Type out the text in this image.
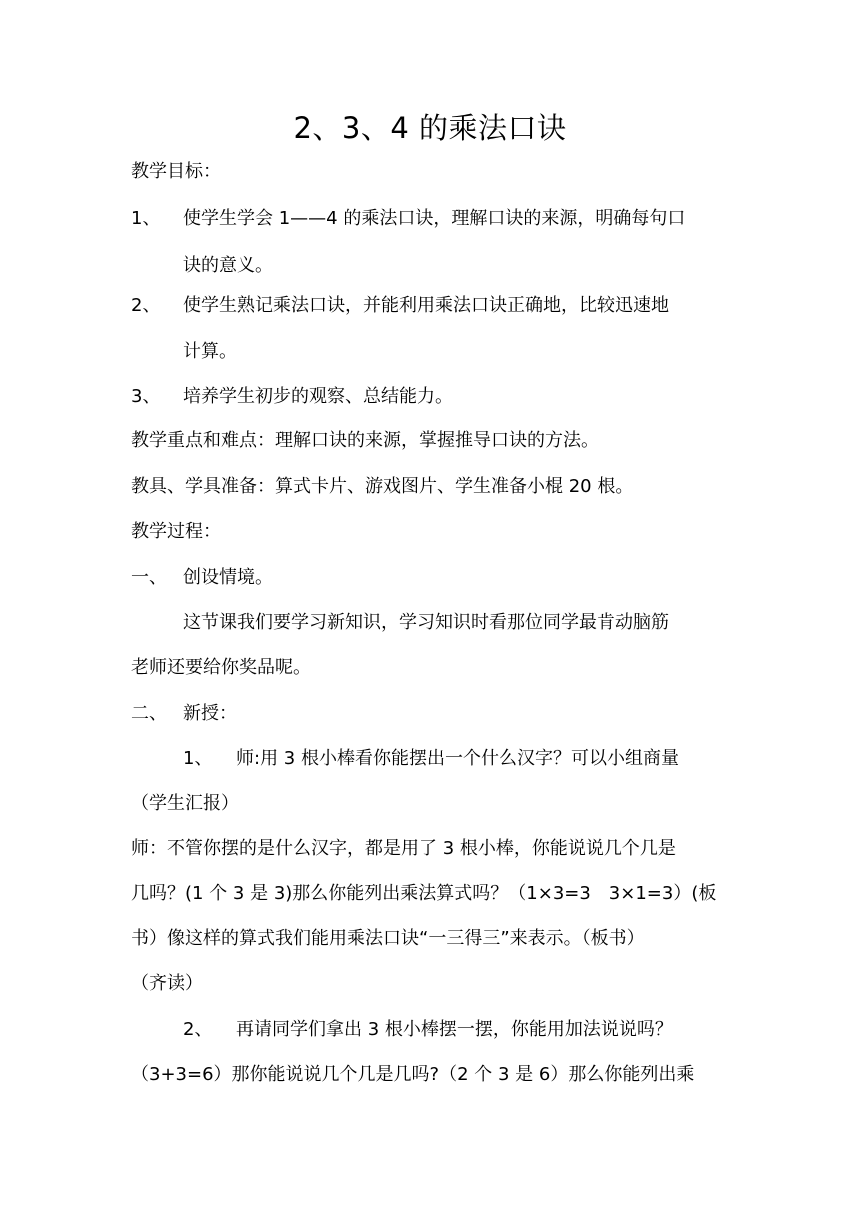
2、3、4 的乘法口诀
教学目标：
1、 使学生学会 1——4 的乘法口诀，理解口诀的来源，明确每句口
诀的意义。
2、 使学生熟记乘法口诀，并能利用乘法口诀正确地，比较迅速地
计算。
3、 培养学生初步的观察、总结能力。
教学重点和难点：理解口诀的来源，掌握推导口诀的方法。
教具、学具准备：算式卡片、游戏图片、学生准备小棍 20 根。
教学过程：
一、 创设情境。
这节课我们要学习新知识，学习知识时看那位同学最肯动脑筋
老师还要给你奖品呢。
二、 新授：
1、 师:用 3 根小棒看你能摆出一个什么汉字？可以小组商量
（学生汇报）
师：不管你摆的是什么汉字，都是用了 3 根小棒，你能说说几个几是
几吗？(1 个 3 是 3)那么你能列出乘法算式吗？（1×3=3　3×1=3）(板
书）像这样的算式我们能用乘法口诀“一三得三”来表示。（板书）
（齐读）
2、 再请同学们拿出 3 根小棒摆一摆，你能用加法说说吗？
（3+3=6）那你能说说几个几是几吗?（2 个 3 是 6）那么你能列出乘
